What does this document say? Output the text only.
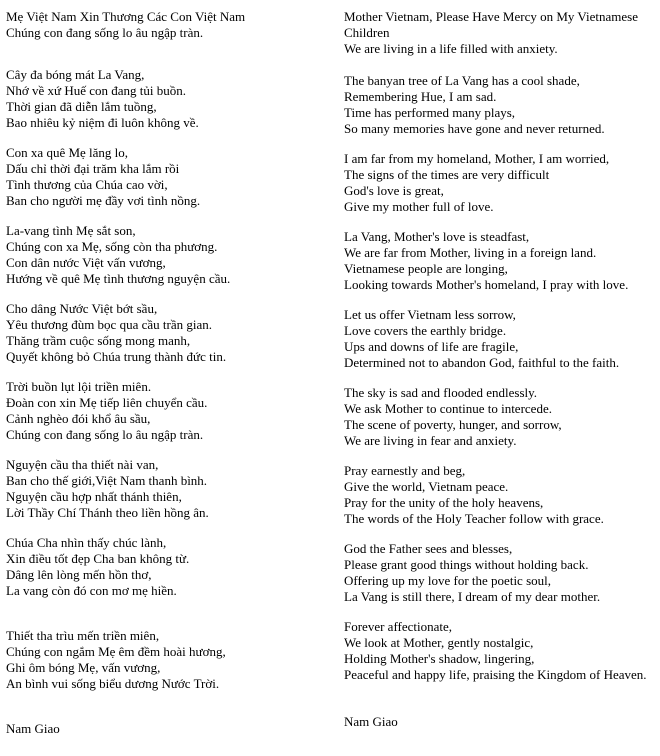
Mẹ Việt Nam Xin Thương Các Con Việt Nam
Chúng con đang sống lo âu ngập tràn.
Cây đa bóng mát La Vang,
Nhớ về xứ Huế con đang tủi buồn.
Thời gian đã diễn lắm tuồng,
Bao nhiêu kỷ niệm đi luôn không về.
Con xa quê Mẹ lăng lo,
Dấu chỉ thời đại trăm kha lắm rồi
Tình thương của Chúa cao vời,
Ban cho người mẹ đầy vơi tình nồng.
La-vang tình Mẹ sắt son,
Chúng con xa Mẹ, sống còn tha phương.
Con dân nước Việt vấn vương,
Hướng về quê Mẹ tình thương nguyện cầu.
Cho dâng Nước Việt bớt sầu,
Yêu thương đùm bọc qua cầu trần gian.
Thăng trầm cuộc sống mong manh,
Quyết không bỏ Chúa trung thành đức tin.
Trời buồn lụt lội triền miên.
Đoàn con xin Mẹ tiếp liên chuyển cầu.
Cảnh nghèo đói khổ âu sầu,
Chúng con đang sống lo âu ngập tràn.
Nguyện cầu tha thiết nài van,
Ban cho thế giới,Việt Nam thanh bình.
Nguyện cầu hợp nhất thánh thiên,
Lời Thầy Chí Thánh theo liền hồng ân.
Chúa Cha nhìn thấy chúc lành,
Xin điều tốt đẹp Cha ban không từ.
Dâng lên lòng mến hồn thơ,
La vang còn đó con mơ mẹ hiền.
Thiết tha trìu mến triền miên,
Chúng con ngắm Mẹ êm đềm hoài hương,
Ghi ôm bóng Mẹ, vấn vương,
An bình vui sống biểu dương Nước Trời.
Nam Giao
Mother Vietnam, Please Have Mercy on My Vietnamese Children
We are living in a life filled with anxiety.
The banyan tree of La Vang has a cool shade,
Remembering Hue, I am sad.
Time has performed many plays,
So many memories have gone and never returned.
I am far from my homeland, Mother, I am worried,
The signs of the times are very difficult
God's love is great,
Give my mother full of love.
La Vang, Mother's love is steadfast,
We are far from Mother, living in a foreign land.
Vietnamese people are longing,
Looking towards Mother's homeland, I pray with love.
Let us offer Vietnam less sorrow,
Love covers the earthly bridge.
Ups and downs of life are fragile,
Determined not to abandon God, faithful to the faith.
The sky is sad and flooded endlessly.
We ask Mother to continue to intercede.
The scene of poverty, hunger, and sorrow,
We are living in fear and anxiety.
Pray earnestly and beg,
Give the world, Vietnam peace.
Pray for the unity of the holy heavens,
The words of the Holy Teacher follow with grace.
God the Father sees and blesses,
Please grant good things without holding back.
Offering up my love for the poetic soul,
La Vang is still there, I dream of my dear mother.
Forever affectionate,
We look at Mother, gently nostalgic,
Holding Mother's shadow, lingering,
Peaceful and happy life, praising the Kingdom of Heaven.
Nam Giao
